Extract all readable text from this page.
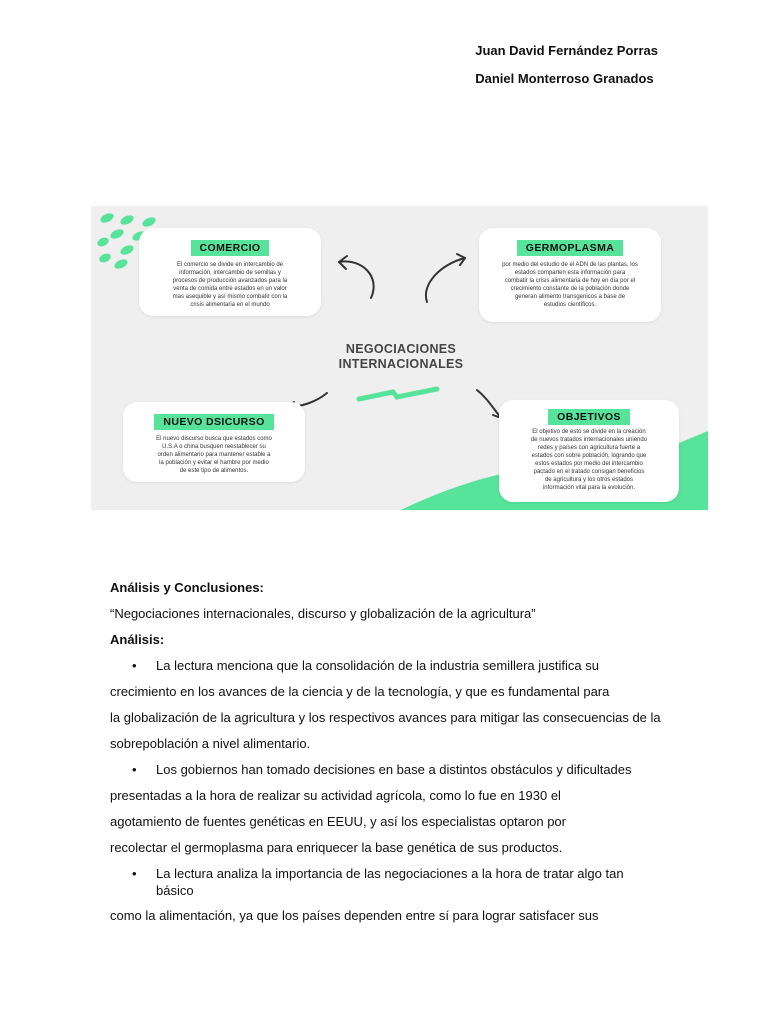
Juan David Fernández Porras
Daniel Monterroso Granados
COMERCIO
El comercio se divide en intercambio de
información, intercambio de semillas y
procesos de producción avanzados para la
venta de comida entre estados en un valor
mas asequible y así mismo combatir con la
crisis alimentaria en el mundo
GERMOPLASMA
por medio del estudio de el ADN de las plantas, los
estados comparten esta información para
combatir la crisis alimentaria de hoy en día por el
crecimiento constante de la población donde
generan alimento transgenicos a base de
estudios científicos.
NEGOCIACIONES
INTERNACIONALES
NUEVO DSICURSO
El nuevo discurso busca que estados como
U.S.A o china busquen reestablecer su
orden alimentario para mantener estable a
la población y evitar el hambre por medio
de este tipo de alimentos.
OBJETIVOS
El objetivo de esto se divide en la creación
de nuevos tratados internacionales uniendo
redes y países con agricultura fuerte a
estados con sobre población, logrando que
estos estados por medio del intercambio
pactado en el tratado consigan beneficios
de agricultura y los otros estados
información vital para la evolución.
Análisis y Conclusiones:
“Negociaciones internacionales, discurso y globalización de la agricultura”
Análisis:
• La lectura menciona que la consolidación de la industria semillera justifica su
crecimiento en los avances de la ciencia y de la tecnología, y que es fundamental para
la globalización de la agricultura y los respectivos avances para mitigar las consecuencias de la
sobrepoblación a nivel alimentario.
• Los gobiernos han tomado decisiones en base a distintos obstáculos y dificultades
presentadas a la hora de realizar su actividad agrícola, como lo fue en 1930 el
agotamiento de fuentes genéticas en EEUU, y así los especialistas optaron por
recolectar el germoplasma para enriquecer la base genética de sus productos.
• La lectura analiza la importancia de las negociaciones a la hora de tratar algo tan básico
como la alimentación, ya que los países dependen entre sí para lograr satisfacer sus
